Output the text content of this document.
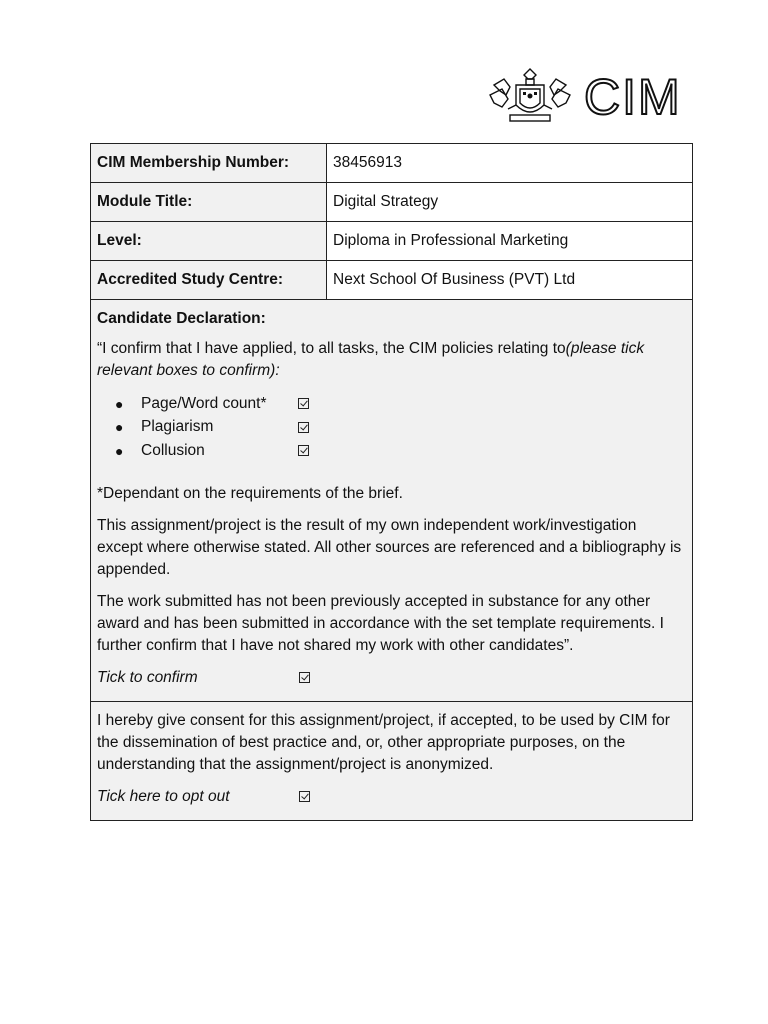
CIM
CIM Membership Number:	38456913
Module Title:	Digital Strategy
Level:	Diploma in Professional Marketing
Accredited Study Centre:	Next School Of Business (PVT) Ltd

Candidate Declaration:

“I confirm that I have applied, to all tasks, the CIM policies relating to(please tick relevant boxes to confirm):

●	Page/Word count*
●	Plagiarism
●	Collusion

*Dependant on the requirements of the brief.

This assignment/project is the result of my own independent work/investigation except where otherwise stated. All other sources are referenced and a bibliography is appended.

The work submitted has not been previously accepted in substance for any other award and has been submitted in accordance with the set template requirements. I further confirm that I have not shared my work with other candidates”.

Tick to confirm

I hereby give consent for this assignment/project, if accepted, to be used by CIM for the dissemination of best practice and, or, other appropriate purposes, on the understanding that the assignment/project is anonymized.

Tick here to opt out
